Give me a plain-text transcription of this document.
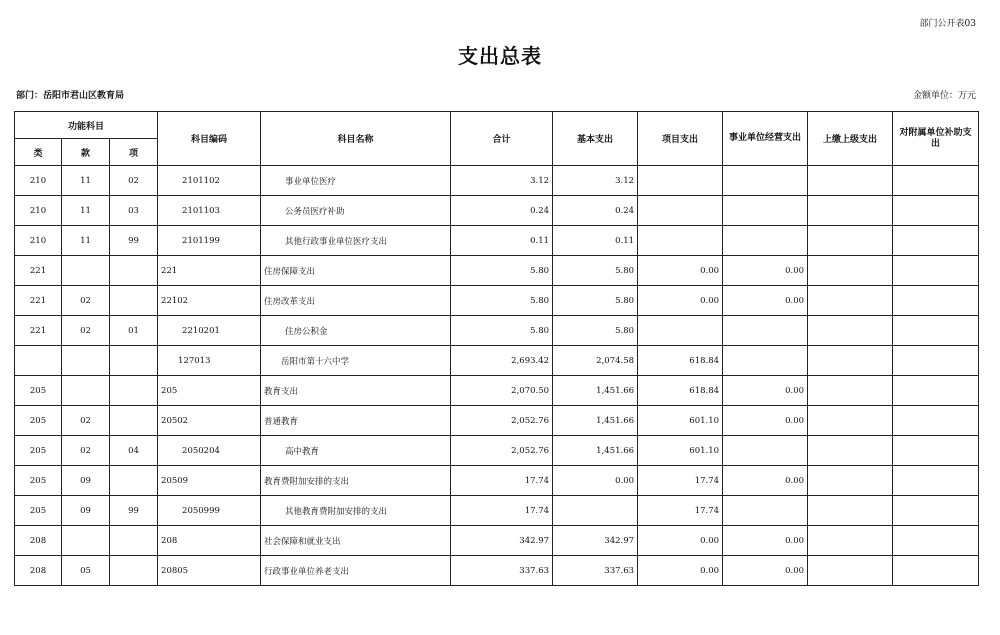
部门公开表03
支出总表
部门：岳阳市君山区教育局	金额单位：万元
功能科目			科目编码	科目名称	合计	基本支出	项目支出	事业单位经营支出	上缴上级支出	对附属单位补助支出
类	款	项								
210	11	02	2101102	事业单位医疗	3.12	3.12				
210	11	03	2101103	公务员医疗补助	0.24	0.24				
210	11	99	2101199	其他行政事业单位医疗支出	0.11	0.11				
221			221	住房保障支出	5.80	5.80	0.00	0.00		
221	02		22102	住房改革支出	5.80	5.80	0.00	0.00		
221	02	01	2210201	住房公积金	5.80	5.80				
			127013	岳阳市第十六中学	2,693.42	2,074.58	618.84			
205			205	教育支出	2,070.50	1,451.66	618.84	0.00		
205	02		20502	普通教育	2,052.76	1,451.66	601.10	0.00		
205	02	04	2050204	高中教育	2,052.76	1,451.66	601.10			
205	09		20509	教育费附加安排的支出	17.74	0.00	17.74	0.00		
205	09	99	2050999	其他教育费附加安排的支出	17.74		17.74			
208			208	社会保障和就业支出	342.97	342.97	0.00	0.00		
208	05		20805	行政事业单位养老支出	337.63	337.63	0.00	0.00		
